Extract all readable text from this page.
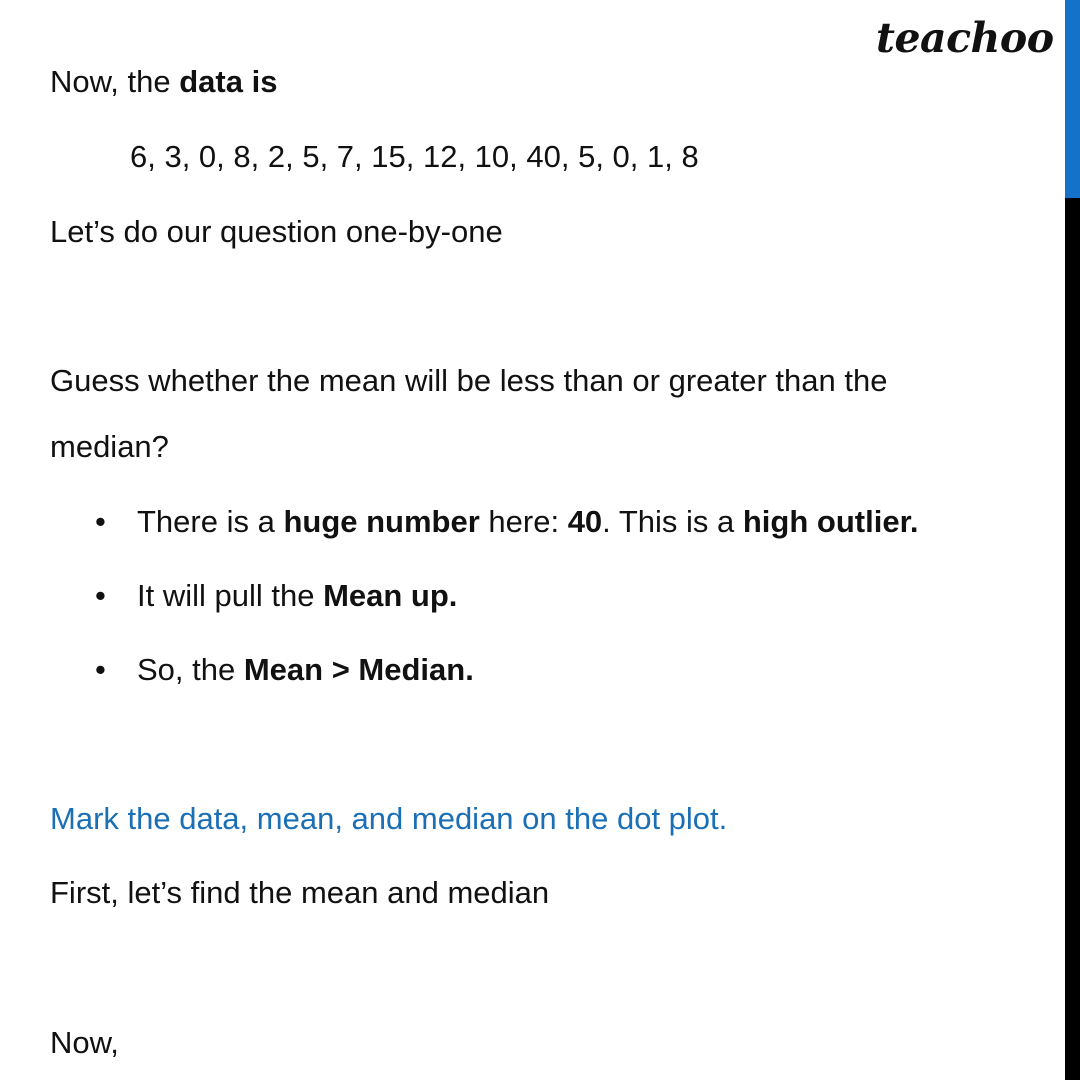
teachoo

Now, the data is

6, 3, 0, 8, 2, 5, 7, 15, 12, 10, 40, 5, 0, 1, 8

Let’s do our question one-by-one

Guess whether the mean will be less than or greater than the

median?

• There is a huge number here: 40. This is a high outlier.

• It will pull the Mean up.

• So, the Mean > Median.

Mark the data, mean, and median on the dot plot.

First, let’s find the mean and median

Now,
